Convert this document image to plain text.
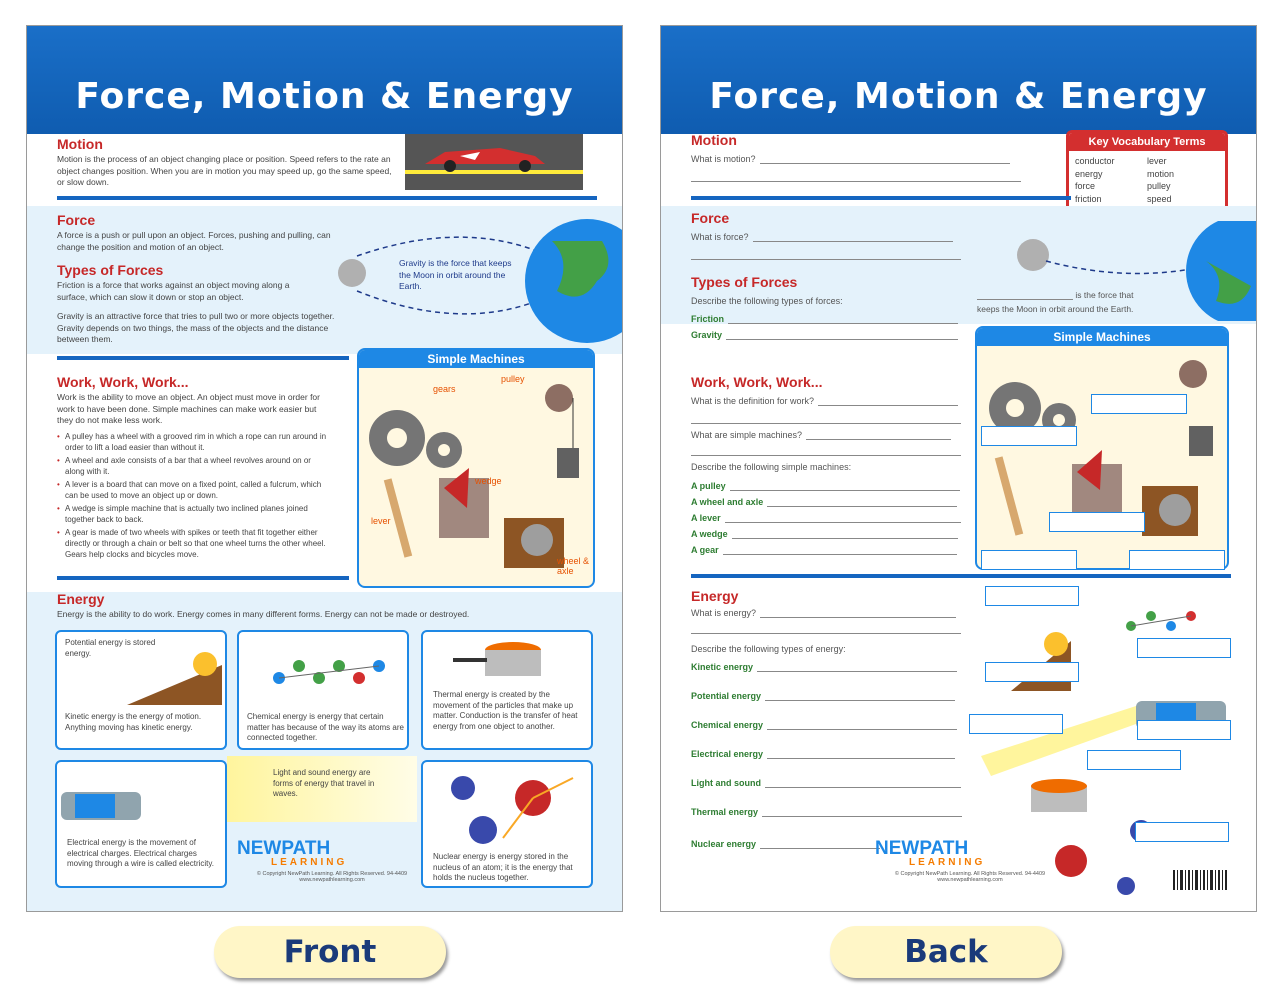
Force, Motion & Energy
Motion
Motion is the process of an object changing place or position. Speed refers to the rate an object changes position. When you are in motion you may speed up, go the same speed, or slow down.
Force
A force is a push or pull upon an object. Forces, pushing and pulling, can change the position and motion of an object.
Types of Forces
Friction is a force that works against an object moving along a surface, which can slow it down or stop an object.
Gravity is an attractive force that tries to pull two or more objects together. Gravity depends on two things, the mass of the objects and the distance between them.
Gravity is the force that keeps the Moon in orbit around the Earth.
Work, Work, Work...
Work is the ability to move an object. An object must move in order for work to have been done. Simple machines can make work easier but they do not make less work.
• A pulley has a wheel with a grooved rim in which a rope can run around in order to lift a load easier than without it.
• A wheel and axle consists of a bar that a wheel revolves around on or along with it.
• A lever is a board that can move on a fixed point, called a fulcrum, which can be used to move an object up or down.
• A wedge is simple machine that is actually two inclined planes joined together back to back.
• A gear is made of two wheels with spikes or teeth that fit together either directly or through a chain or belt so that one wheel turns the other wheel. Gears help clocks and bicycles move.
Simple Machines
gears
pulley
wedge
lever
wheel & axle
Energy
Energy is the ability to do work. Energy comes in many different forms. Energy can not be made or destroyed.
Potential energy is stored energy.
Kinetic energy is the energy of motion. Anything moving has kinetic energy.
Chemical energy is energy that certain matter has because of the way its atoms are connected together.
Thermal energy is created by the movement of the particles that make up matter. Conduction is the transfer of heat energy from one object to another.
Electrical energy is the movement of electrical charges. Electrical charges moving through a wire is called electricity.
Light and sound energy are forms of energy that travel in waves.
Nuclear energy is energy stored in the nucleus of an atom; it is the energy that holds the nucleus together.
NEWPATH
LEARNING
© Copyright NewPath Learning. All Rights Reserved. 94-4409
www.newpathlearning.com
Force, Motion & Energy
Motion
What is motion?
Key Vocabulary Terms
conductor
energy
force
friction

lever
motion
pulley
speed

Force
What is force?
Types of Forces
Describe the following types of forces:
Friction
Gravity
is the force that
keeps the Moon in orbit around the Earth.
Simple Machines
Work, Work, Work...
What is the definition for work?
What are simple machines?
Describe the following simple machines:
A pulley
A wheel and axle
A lever
A wedge
A gear
Energy
What is energy?
Describe the following types of energy:
Kinetic energy
Potential energy
Chemical energy
Electrical energy
Light and sound
Thermal energy
Nuclear energy	NEWPATH
LEARNING
© Copyright NewPath Learning. All Rights Reserved. 94-4409
www.newpathlearning.com
Front	Back
